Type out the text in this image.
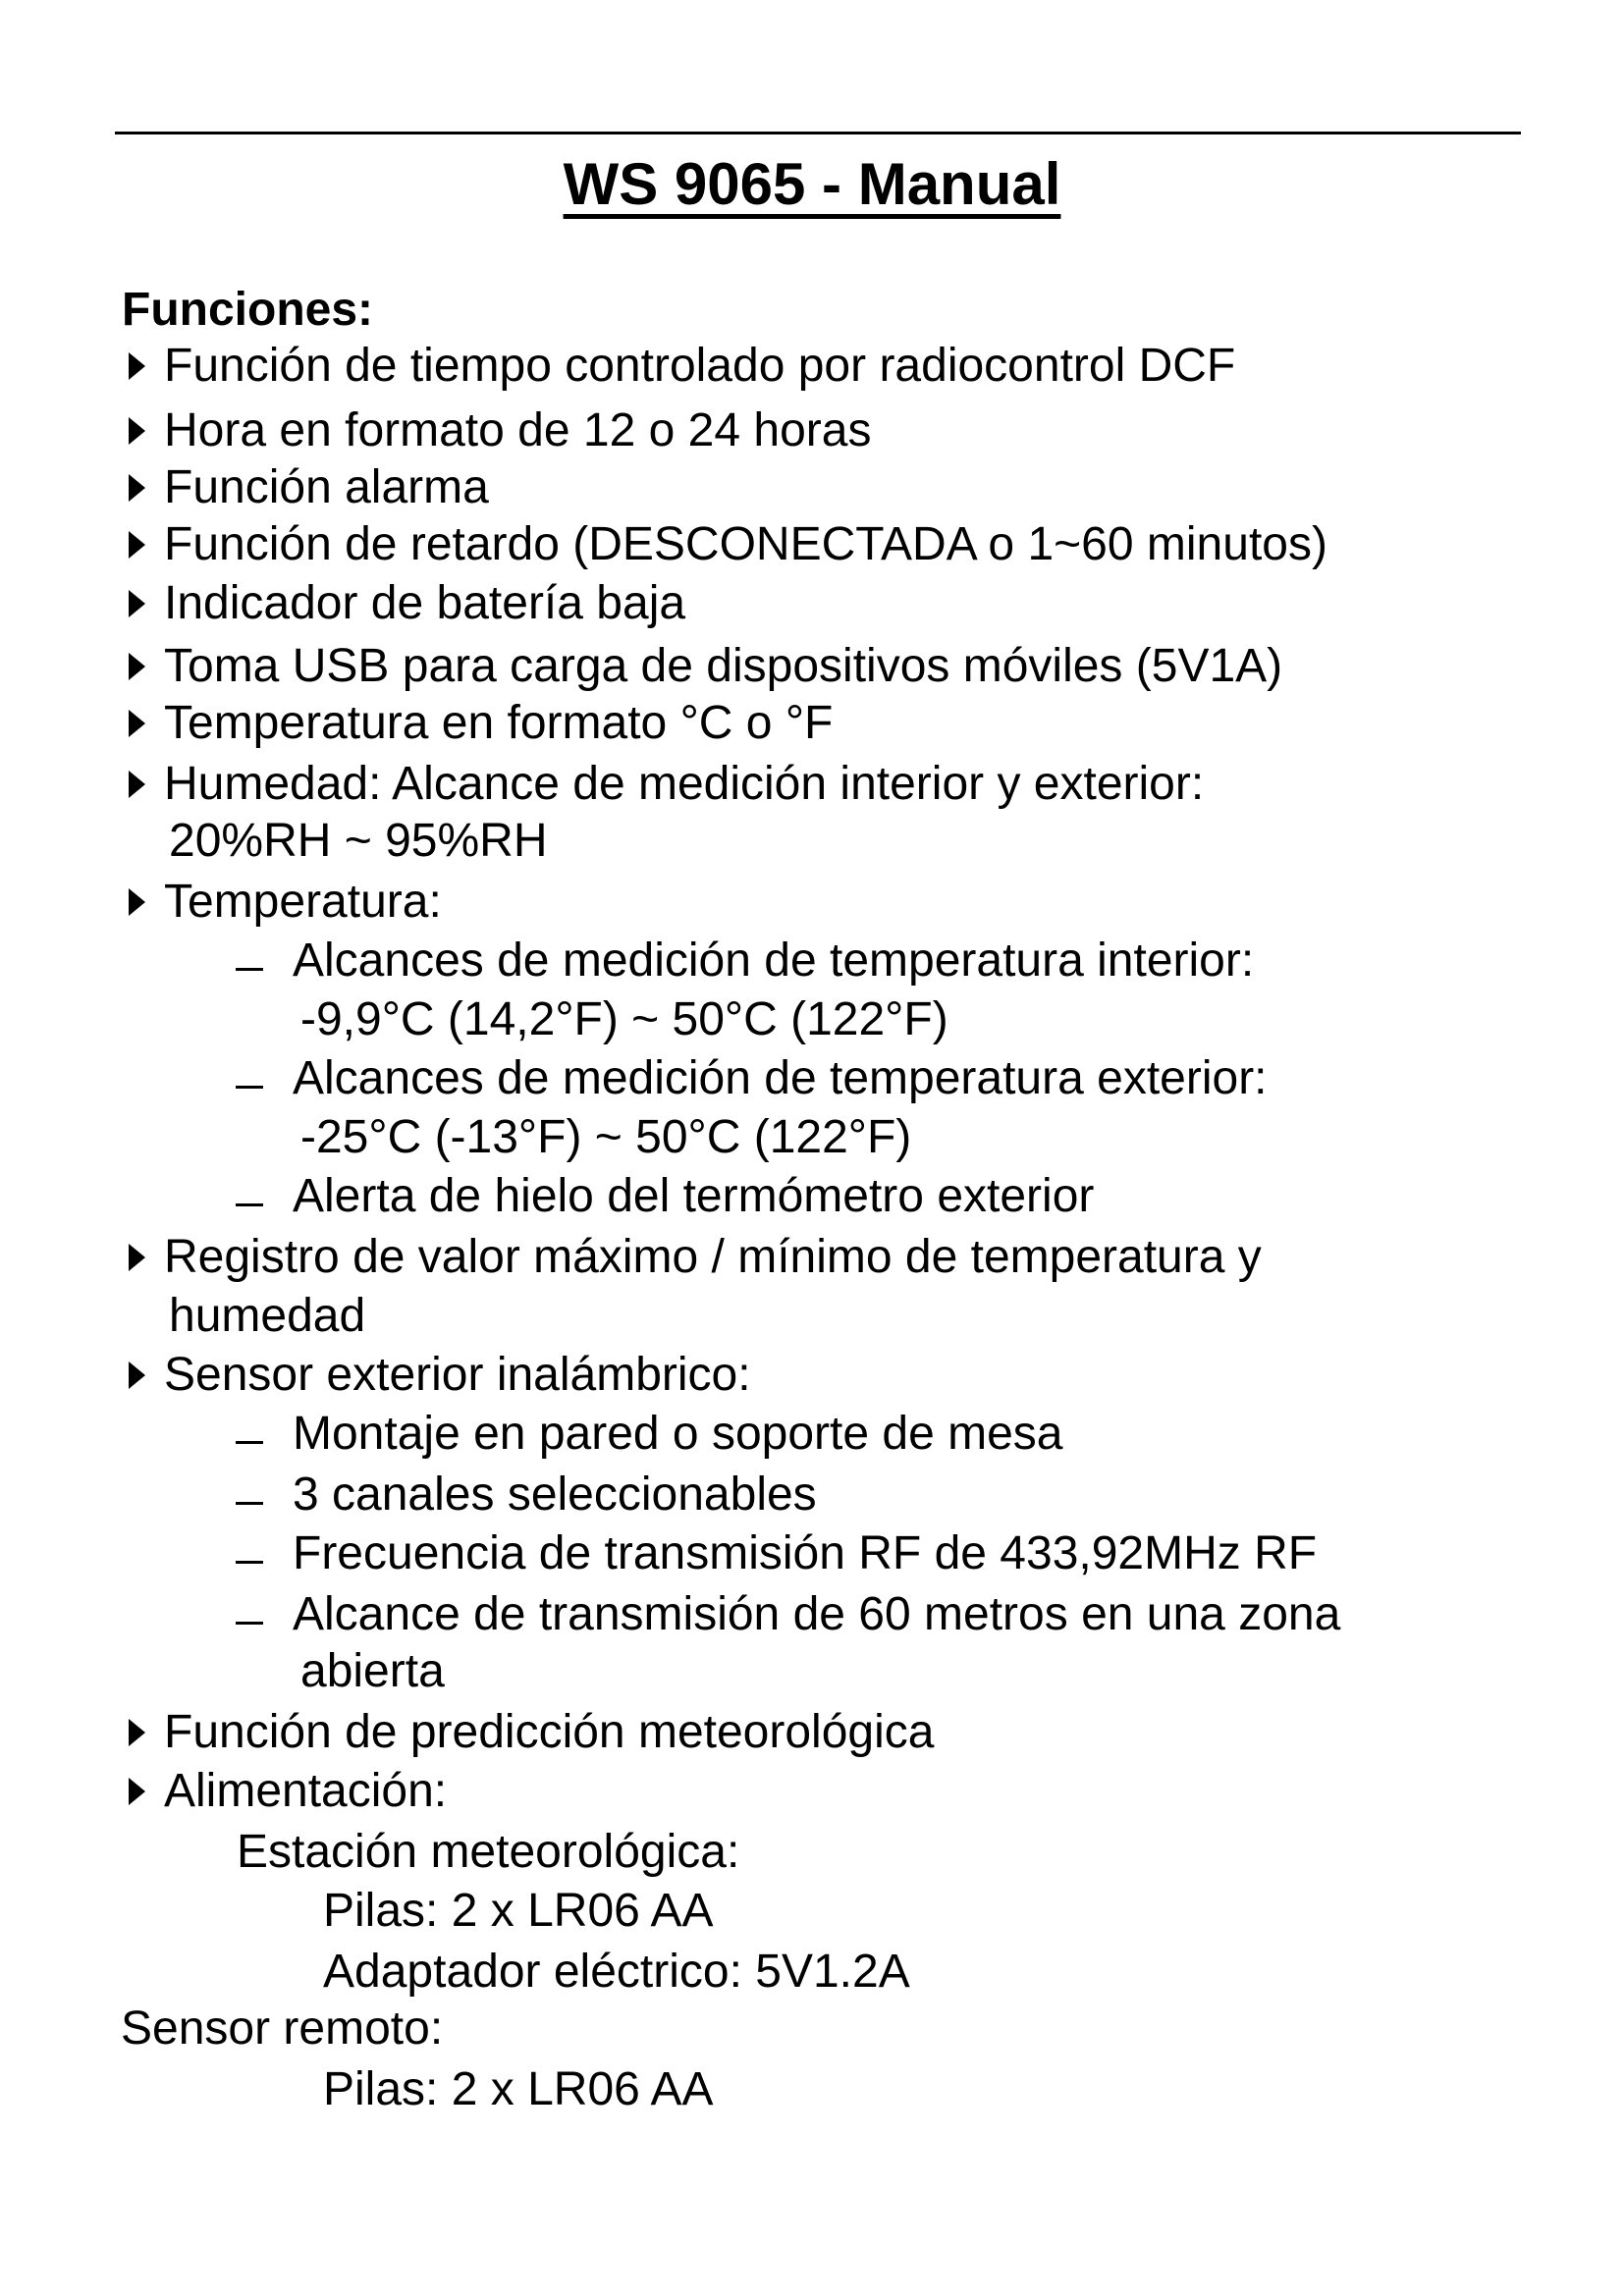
WS 9065 - Manual
Funciones:
Función de tiempo controlado por radiocontrol DCF
Hora en formato de 12 o 24 horas
Función alarma
Función de retardo (DESCONECTADA o 1~60 minutos)
Indicador de batería baja
Toma USB para carga de dispositivos móviles (5V1A)
Temperatura en formato °C o °F
Humedad: Alcance de medición interior y exterior:
20%RH ~ 95%RH
Temperatura:
Alcances de medición de temperatura interior:
-9,9°C (14,2°F) ~ 50°C (122°F)
Alcances de medición de temperatura exterior:
-25°C (-13°F) ~ 50°C (122°F)
Alerta de hielo del termómetro exterior
Registro de valor máximo / mínimo de temperatura y
humedad
Sensor exterior inalámbrico:
Montaje en pared o soporte de mesa
3 canales seleccionables
Frecuencia de transmisión RF de 433,92MHz RF
Alcance de transmisión de 60 metros en una zona
abierta
Función de predicción meteorológica
Alimentación:
Estación meteorológica:
Pilas: 2 x LR06 AA
Adaptador eléctrico: 5V1.2A
Sensor remoto:
Pilas: 2 x LR06 AA
